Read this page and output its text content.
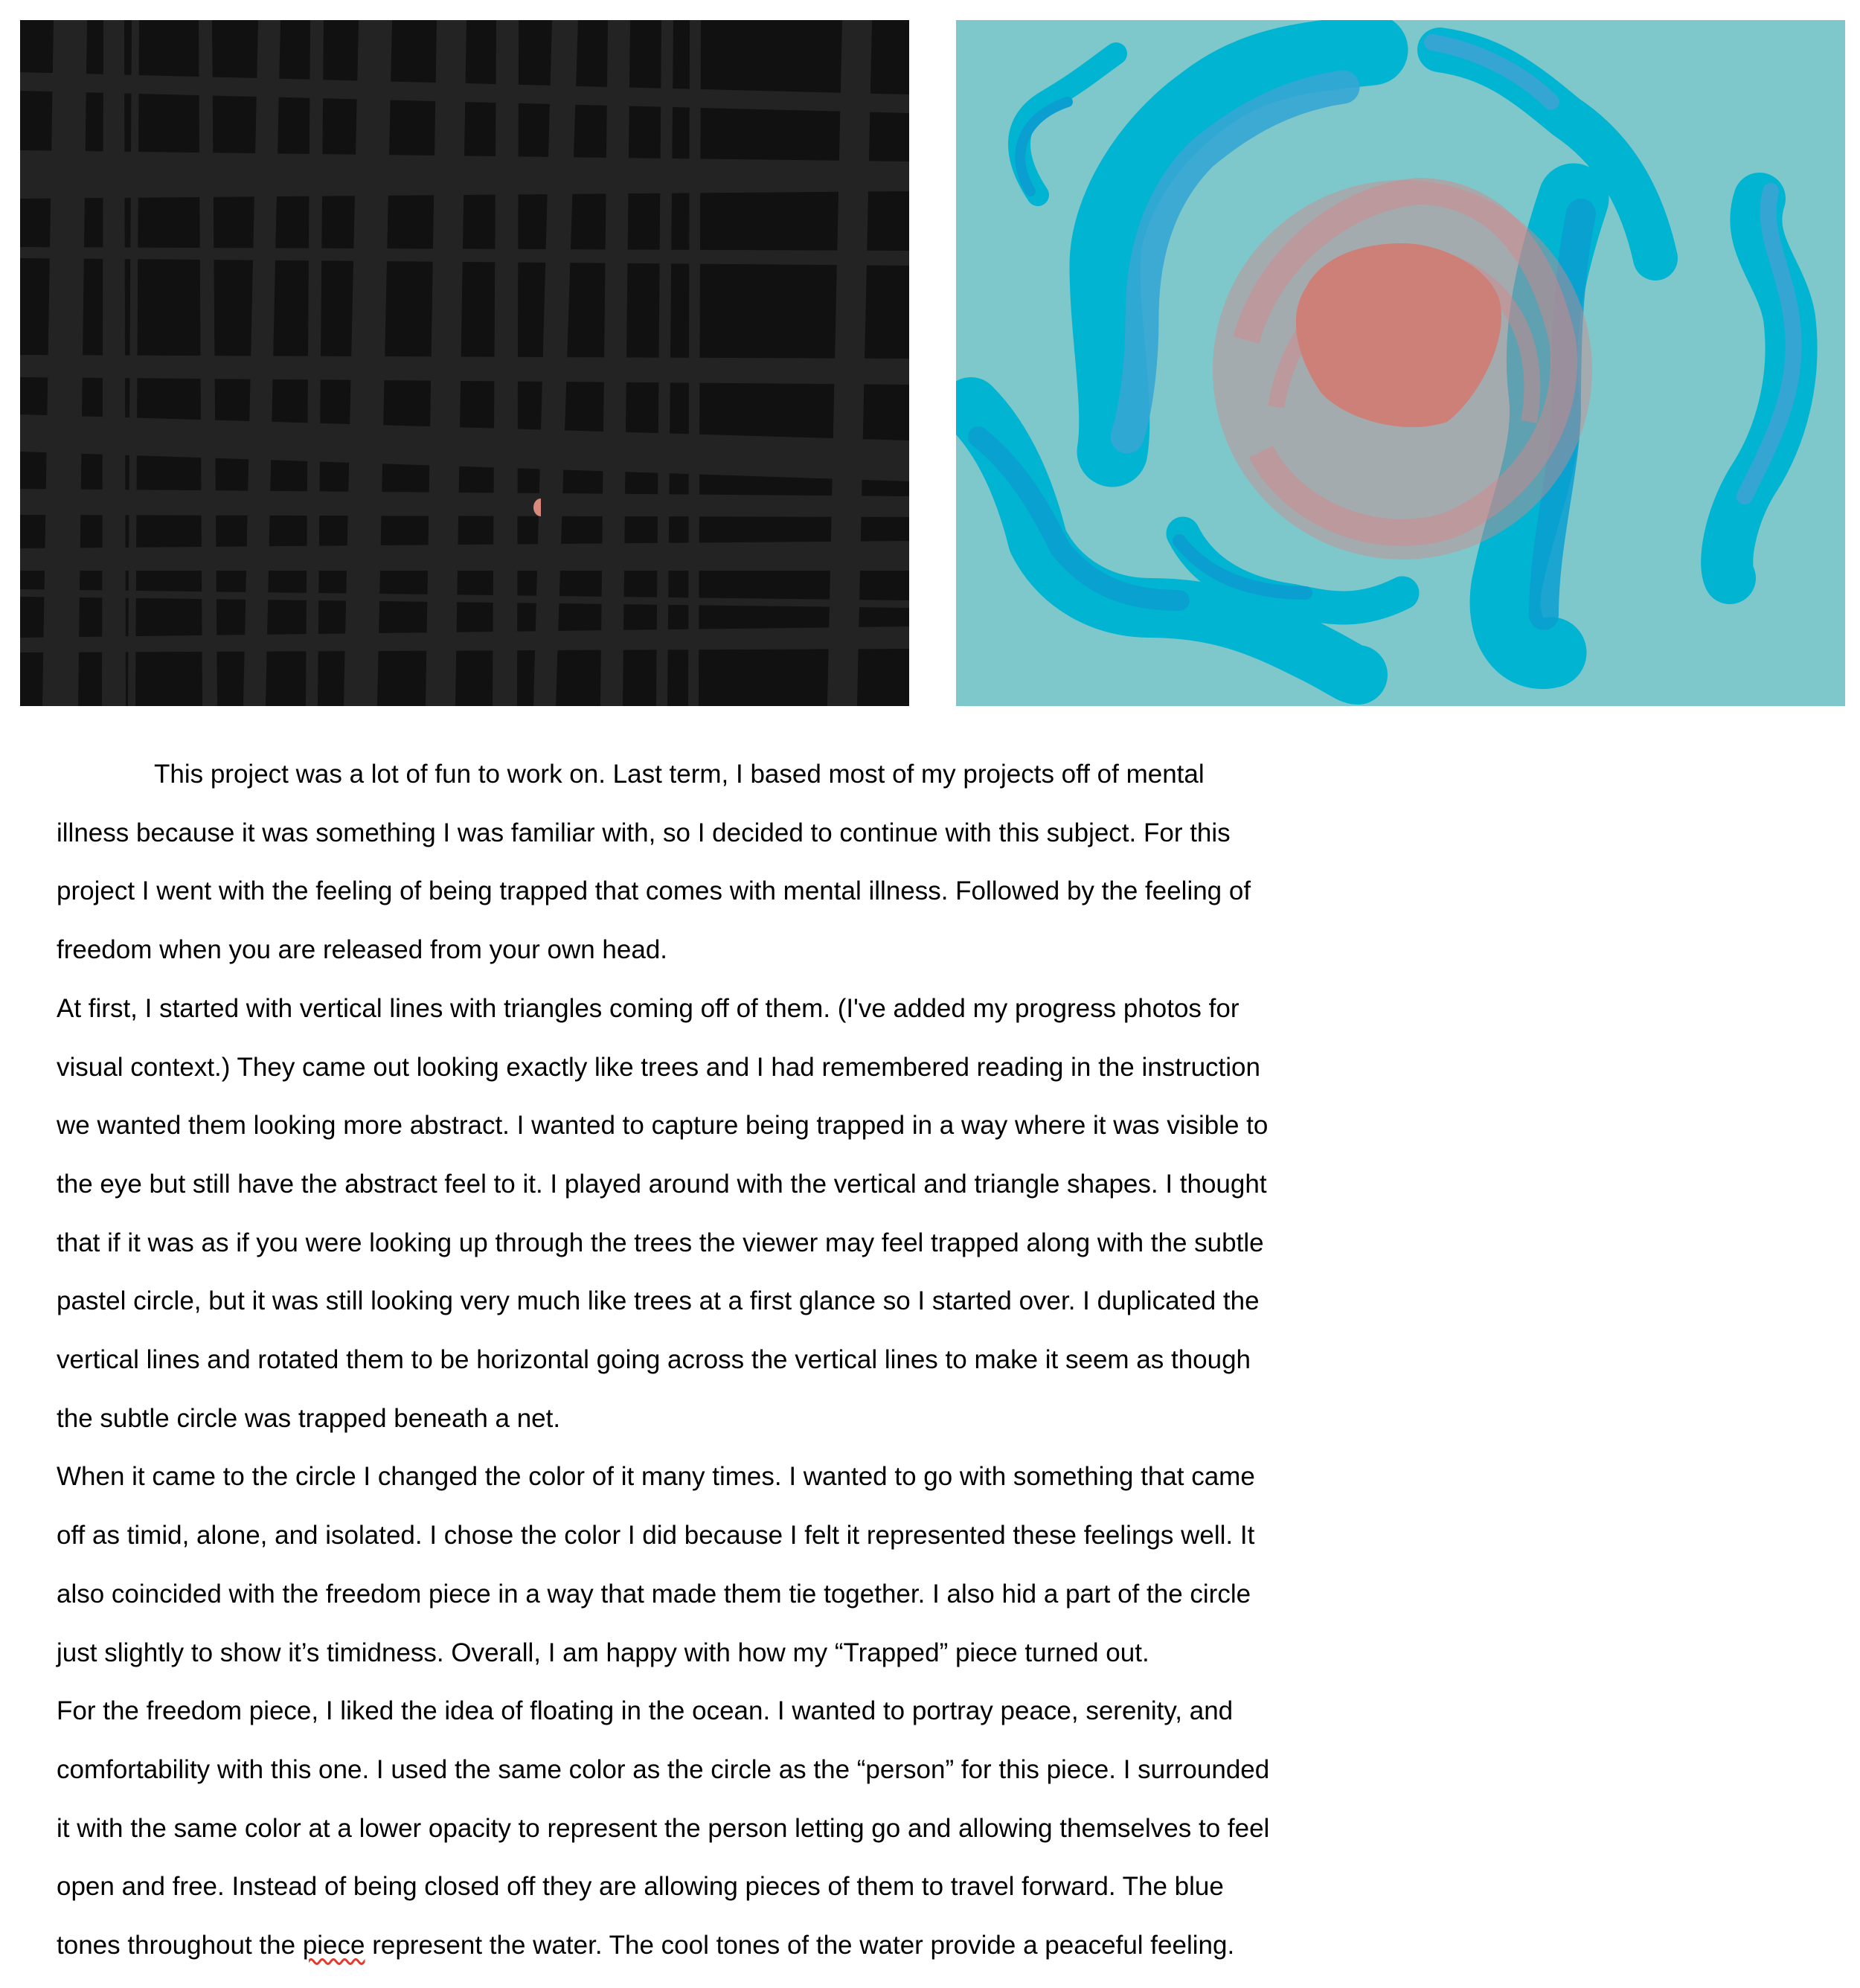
This project was a lot of fun to work on. Last term, I based most of my projects off of mental
illness because it was something I was familiar with, so I decided to continue with this subject. For this
project I went with the feeling of being trapped that comes with mental illness. Followed by the feeling of
freedom when you are released from your own head.

At first, I started with vertical lines with triangles coming off of them. (I've added my progress photos for
visual context.) They came out looking exactly like trees and I had remembered reading in the instruction
we wanted them looking more abstract. I wanted to capture being trapped in a way where it was visible to
the eye but still have the abstract feel to it. I played around with the vertical and triangle shapes. I thought
that if it was as if you were looking up through the trees the viewer may feel trapped along with the subtle
pastel circle, but it was still looking very much like trees at a first glance so I started over. I duplicated the
vertical lines and rotated them to be horizontal going across the vertical lines to make it seem as though
the subtle circle was trapped beneath a net.

When it came to the circle I changed the color of it many times. I wanted to go with something that came
off as timid, alone, and isolated. I chose the color I did because I felt it represented these feelings well. It
also coincided with the freedom piece in a way that made them tie together. I also hid a part of the circle
just slightly to show it’s timidness. Overall, I am happy with how my “Trapped” piece turned out.

For the freedom piece, I liked the idea of floating in the ocean. I wanted to portray peace, serenity, and
comfortability with this one. I used the same color as the circle as the “person” for this piece. I surrounded
it with the same color at a lower opacity to represent the person letting go and allowing themselves to feel
open and free. Instead of being closed off they are allowing pieces of them to travel forward. The blue
tones throughout the piece represent the water. The cool tones of the water provide a peaceful feeling.
